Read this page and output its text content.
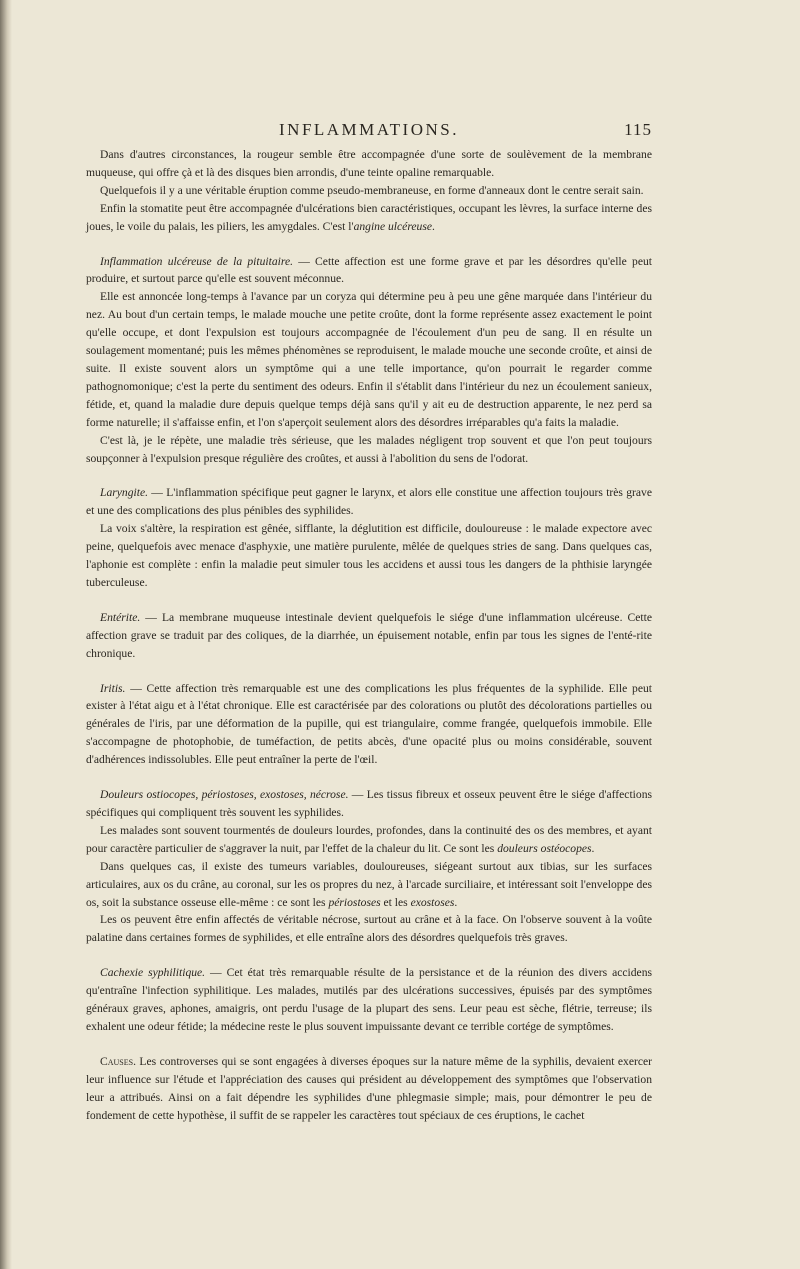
INFLAMMATIONS.	115

Dans d'autres circonstances, la rougeur semble être accompagnée d'une sorte de soulèvement de la membrane muqueuse, qui offre çà et là des disques bien arrondis, d'une teinte opaline remarquable.

Quelquefois il y a une véritable éruption comme pseudo-membraneuse, en forme d'anneaux dont le centre serait sain.

Enfin la stomatite peut être accompagnée d'ulcérations bien caractéristiques, occupant les lèvres, la surface interne des joues, le voile du palais, les piliers, les amygdales. C'est l'angine ulcéreuse.

Inflammation ulcéreuse de la pituitaire. — Cette affection est une forme grave et par les désordres qu'elle peut produire, et surtout parce qu'elle est souvent méconnue.

Elle est annoncée long-temps à l'avance par un coryza qui détermine peu à peu une gêne marquée dans l'intérieur du nez. Au bout d'un certain temps, le malade mouche une petite croûte, dont la forme représente assez exactement le point qu'elle occupe, et dont l'expulsion est toujours accompagnée de l'écoulement d'un peu de sang. Il en résulte un soulagement momentané; puis les mêmes phénomènes se reproduisent, le malade mouche une seconde croûte, et ainsi de suite. Il existe souvent alors un symptôme qui a une telle importance, qu'on pourrait le regarder comme pathognomonique; c'est la perte du sentiment des odeurs. Enfin il s'établit dans l'intérieur du nez un écoulement sanieux, fétide, et, quand la maladie dure depuis quelque temps déjà sans qu'il y ait eu de destruction apparente, le nez perd sa forme naturelle; il s'affaisse enfin, et l'on s'aperçoit seulement alors des désordres irréparables qu'a faits la maladie.

C'est là, je le répète, une maladie très sérieuse, que les malades négligent trop souvent et que l'on peut toujours soupçonner à l'expulsion presque régulière des croûtes, et aussi à l'abolition du sens de l'odorat.

Laryngite. — L'inflammation spécifique peut gagner le larynx, et alors elle constitue une affection toujours très grave et une des complications des plus pénibles des syphilides.

La voix s'altère, la respiration est gênée, sifflante, la déglutition est difficile, douloureuse : le malade expectore avec peine, quelquefois avec menace d'asphyxie, une matière purulente, mêlée de quelques stries de sang. Dans quelques cas, l'aphonie est complète : enfin la maladie peut simuler tous les accidens et aussi tous les dangers de la phthisie laryngée tuberculeuse.

Entérite. — La membrane muqueuse intestinale devient quelquefois le siége d'une inflammation ulcéreuse. Cette affection grave se traduit par des coliques, de la diarrhée, un épuisement notable, enfin par tous les signes de l'enté-rite chronique.

Iritis. — Cette affection très remarquable est une des complications les plus fréquentes de la syphilide. Elle peut exister à l'état aigu et à l'état chronique. Elle est caractérisée par des colorations ou plutôt des décolorations partielles ou générales de l'iris, par une déformation de la pupille, qui est triangulaire, comme frangée, quelquefois immobile. Elle s'accompagne de photophobie, de tuméfaction, de petits abcès, d'une opacité plus ou moins considérable, souvent d'adhérences indissolubles. Elle peut entraîner la perte de l'œil.

Douleurs ostiocopes, périostoses, exostoses, nécrose. — Les tissus fibreux et osseux peuvent être le siége d'affections spécifiques qui compliquent très souvent les syphilides.

Les malades sont souvent tourmentés de douleurs lourdes, profondes, dans la continuité des os des membres, et ayant pour caractère particulier de s'aggraver la nuit, par l'effet de la chaleur du lit. Ce sont les douleurs ostéocopes.

Dans quelques cas, il existe des tumeurs variables, douloureuses, siégeant surtout aux tibias, sur les surfaces articulaires, aux os du crâne, au coronal, sur les os propres du nez, à l'arcade surciliaire, et intéressant soit l'enveloppe des os, soit la substance osseuse elle-même : ce sont les périostoses et les exostoses.

Les os peuvent être enfin affectés de véritable nécrose, surtout au crâne et à la face. On l'observe souvent à la voûte palatine dans certaines formes de syphilides, et elle entraîne alors des désordres quelquefois très graves.

Cachexie syphilitique. — Cet état très remarquable résulte de la persistance et de la réunion des divers accidens qu'entraîne l'infection syphilitique. Les malades, mutilés par des ulcérations successives, épuisés par des symptômes généraux graves, aphones, amaigris, ont perdu l'usage de la plupart des sens. Leur peau est sèche, flétrie, terreuse; ils exhalent une odeur fétide; la médecine reste le plus souvent impuissante devant ce terrible cortége de symptômes.

Causes. Les controverses qui se sont engagées à diverses époques sur la nature même de la syphilis, devaient exercer leur influence sur l'étude et l'appréciation des causes qui président au développement des symptômes que l'observation leur a attribués. Ainsi on a fait dépendre les syphilides d'une phlegmasie simple; mais, pour démontrer le peu de fondement de cette hypothèse, il suffit de se rappeler les caractères tout spéciaux de ces éruptions, le cachet
